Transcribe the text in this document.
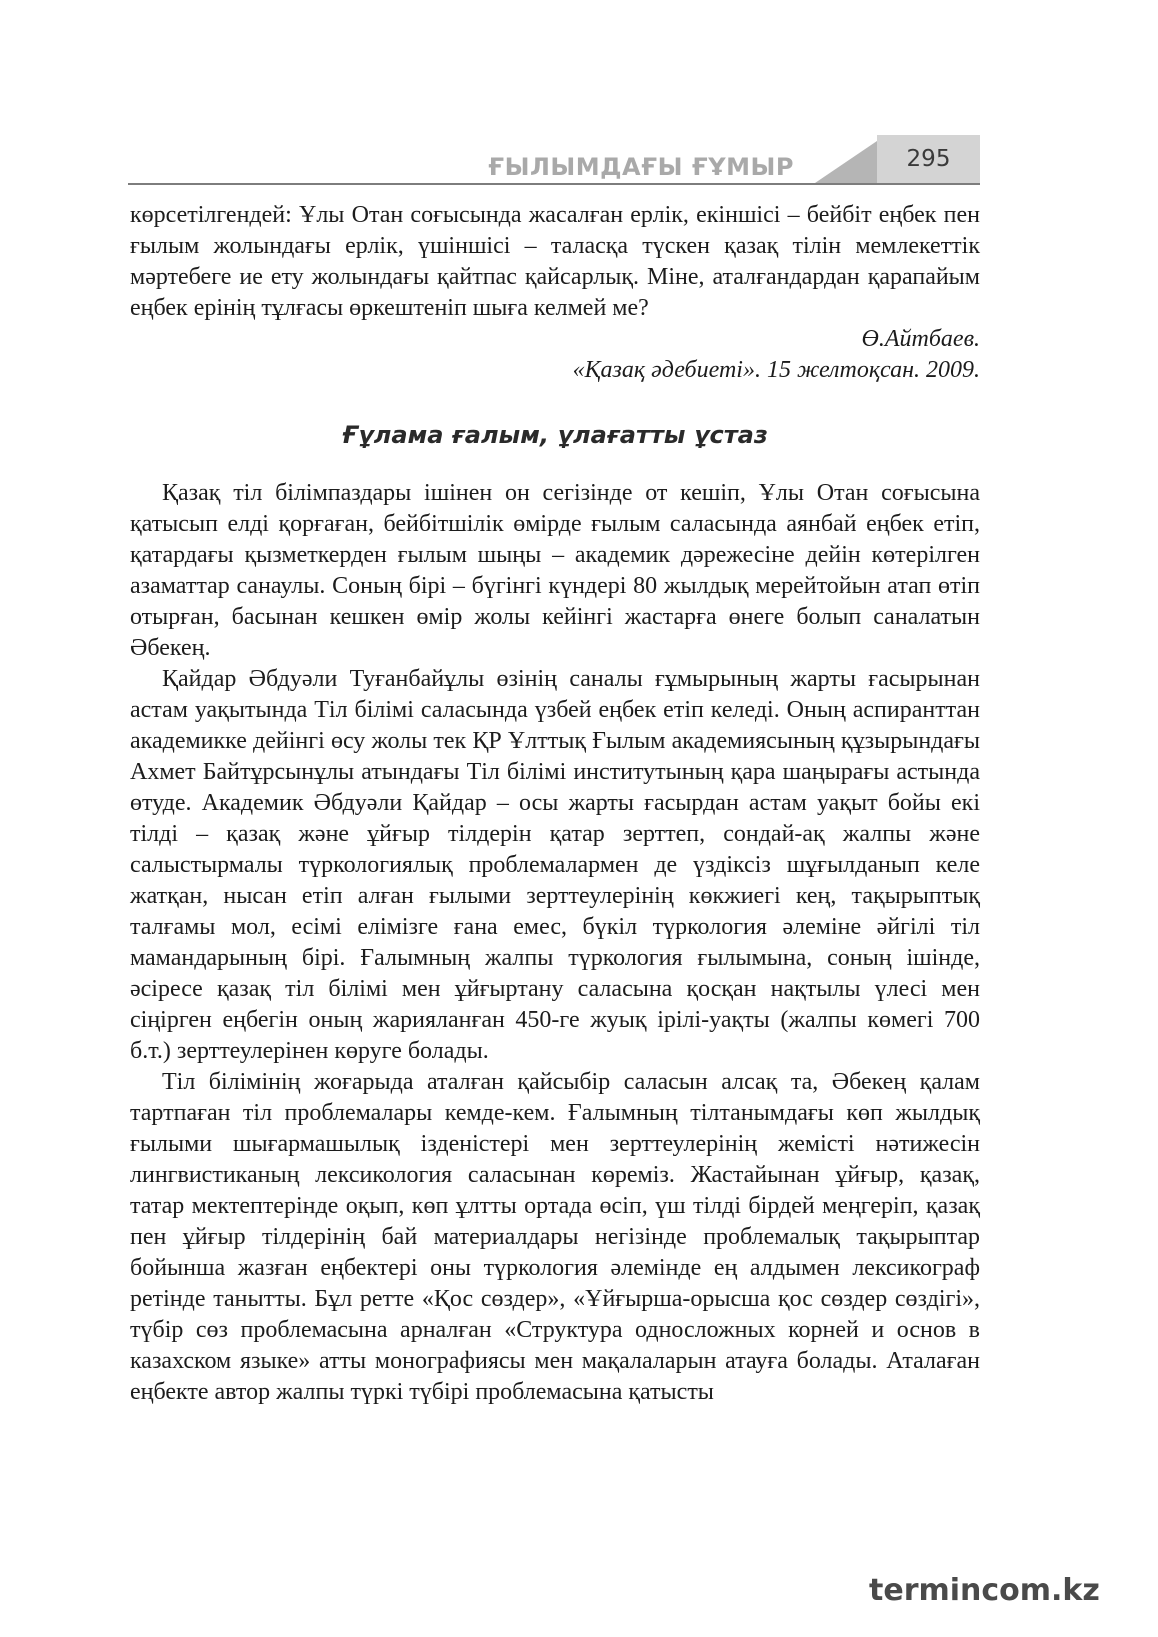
ҒЫЛЫМДАҒЫ ҒҰМЫР	295

көрсетілгендей: Ұлы Отан соғысында жасалған ерлік, екіншісі – бейбіт еңбек пен ғылым жолындағы ерлік, үшіншісі – таласқа түскен қазақ тілін мемлекеттік мәртебеге ие ету жолындағы қайтпас қайсарлық. Міне, аталғандардан қарапайым еңбек ерінің тұлғасы өркештеніп шыға келмей ме?

Ө.Айтбаев.

«Қазақ әдебиеті». 15 желтоқсан. 2009.

Ғұлама ғалым, ұлағатты ұстаз

Қазақ тіл білімпаздары ішінен он сегізінде от кешіп, Ұлы Отан соғысына қатысып елді қорғаған, бейбітшілік өмірде ғылым саласында аянбай еңбек етіп, қатардағы қызметкерден ғылым шыңы – академик дәрежесіне дейін көтерілген азаматтар санаулы. Соның бірі – бүгінгі күндері 80 жылдық мерейтойын атап өтіп отырған, басынан кешкен өмір жолы кейінгі жастарға өнеге болып саналатын Әбекең.

Қайдар Әбдуәли Туғанбайұлы өзінің саналы ғұмырының жарты ғасырынан астам уақытында Тіл білімі саласында үзбей еңбек етіп келеді. Оның аспиранттан академикке дейінгі өсу жолы тек ҚР Ұлттық Ғылым академиясының құзырындағы Ахмет Байтұрсынұлы атындағы Тіл білімі институтының қара шаңырағы астында өтуде. Академик Әбдуәли Қайдар – осы жарты ғасырдан астам уақыт бойы екі тілді – қазақ және ұйғыр тілдерін қатар зерттеп, сондай-ақ жалпы және салыстырмалы түркологиялық проблемалармен де үздіксіз шұғылданып келе жатқан, нысан етіп алған ғылыми зерттеулерінің көкжиегі кең, тақырыптық талғамы мол, есімі елімізге ғана емес, бүкіл түркология әлеміне әйгілі тіл мамандарының бірі. Ғалымның жалпы түркология ғылымына, соның ішінде, әсіресе қазақ тіл білімі мен ұйғыртану саласына қосқан нақтылы үлесі мен сіңірген еңбегін оның жарияланған 450-ге жуық ірілі-уақты (жалпы көмегі 700 б.т.) зерттеулерінен көруге болады.

Тіл білімінің жоғарыда аталған қайсыбір саласын алсақ та, Әбекең қалам тартпаған тіл проблемалары кемде-кем. Ғалымның тілтанымдағы көп жылдық ғылыми шығармашылық ізденістері мен зерттеулерінің жемісті нәтижесін лингвистиканың лексикология саласынан көреміз. Жастайынан ұйғыр, қазақ, татар мектептерінде оқып, көп ұлтты ортада өсіп, үш тілді бірдей меңгеріп, қазақ пен ұйғыр тілдерінің бай материалдары негізінде проблемалық тақырыптар бойынша жазған еңбектері оны түркология әлемінде ең алдымен лексикограф ретінде танытты. Бұл ретте «Қос сөздер», «Ұйғырша-орысша қос сөздер сөздігі», түбір сөз проблемасына арналған «Структура односложных корней и основ в казахском языке» атты монографиясы мен мақалаларын атауға болады. Аталаған еңбекте автор жалпы түркі түбірі проблемасына қатысты

termincom.kz
